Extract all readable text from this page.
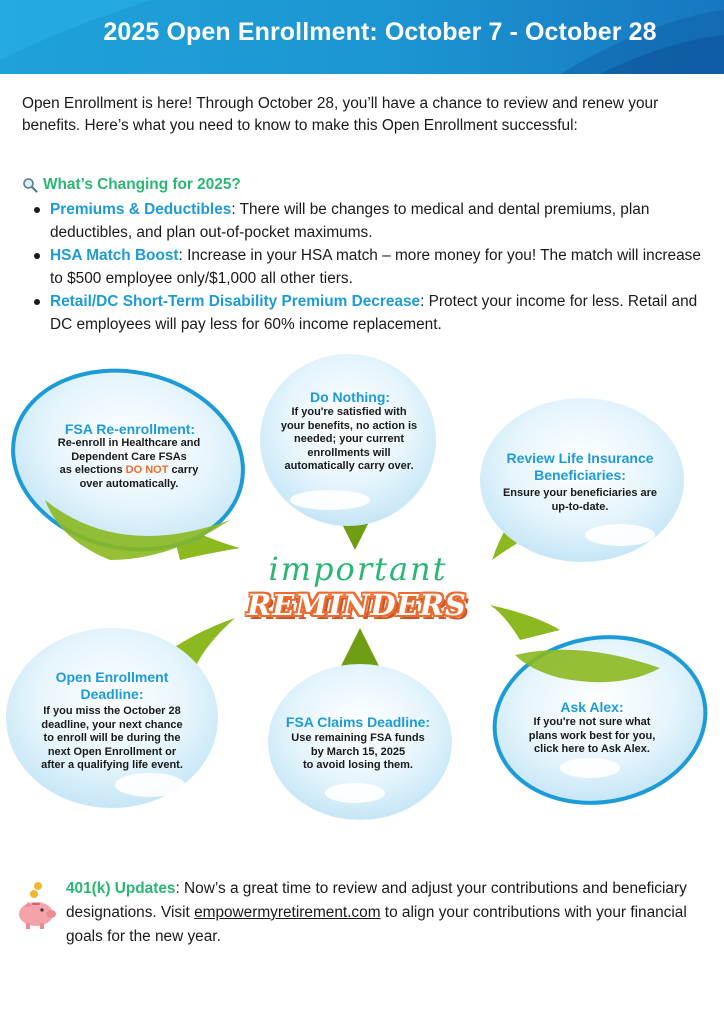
2025 Open Enrollment: October 7 - October 28

Open Enrollment is here! Through October 28, you’ll have a chance to review and renew your benefits. Here’s what you need to know to make this Open Enrollment successful:

What’s Changing for 2025?
Premiums & Deductibles: There will be changes to medical and dental premiums, plan deductibles, and plan out-of-pocket maximums.
HSA Match Boost: Increase in your HSA match – more money for you! The match will increase to $500 employee only/$1,000 all other tiers.
Retail/DC Short-Term Disability Premium Decrease: Protect your income for less. Retail and DC employees will pay less for 60% income replacement.

FSA Re-enrollment:

Re-enroll in Healthcare and
Dependent Care FSAs
as elections DO NOT carry
over automatically.

Do Nothing:

If you're satisfied with
your benefits, no action is
needed; your current
enrollments will
automatically carry over.	Review Life Insurance
Beneficiaries:

Ensure your beneficiaries are
up-to-date.

important
REMINDERS

Open Enrollment
Deadline:

If you miss the October 28
deadline, your next chance
to enroll will be during the
next Open Enrollment or
after a qualifying life event.

FSA Claims Deadline:

Use remaining FSA funds
by March 15, 2025
to avoid losing them.

Ask Alex:

If you're not sure what
plans work best for you,
click here to Ask Alex.

401(k) Updates: Now’s a great time to review and adjust your contributions and beneficiary designations. Visit empowermyretirement.com to align your contributions with your financial goals for the new year.
